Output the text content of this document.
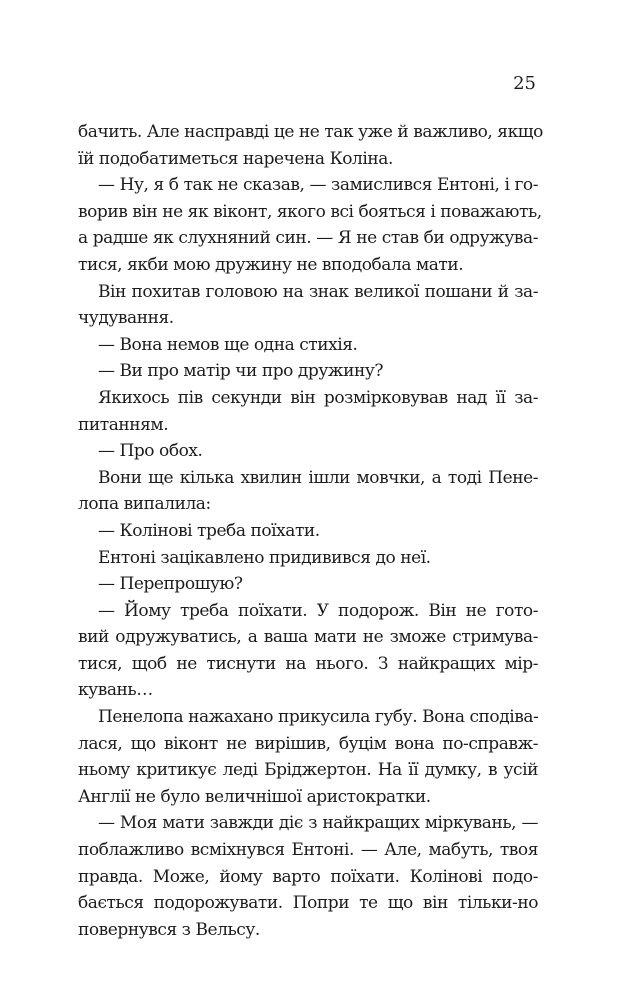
25
бачить. Але насправді це не так уже й важливо, якщо
їй подобатиметься наречена Коліна.
— Ну, я б так не сказав, — замислився Ентоні, і го-
ворив він не як віконт, якого всі бояться і поважають,
а радше як слухняний син. — Я не став би одружува-
тися, якби мою дружину не вподобала мати.
Він похитав головою на знак великої пошани й за-
чудування.
— Вона немов ще одна стихія.
— Ви про матір чи про дружину?
Якихось пів секунди він розмірковував над її за-
питанням.
— Про обох.
Вони ще кілька хвилин ішли мовчки, а тоді Пене-
лопа випалила:
— Колінові треба поїхати.
Ентоні зацікавлено придивився до неї.
— Перепрошую?
— Йому треба поїхати. У подорож. Він не гото-
вий одружуватись, а ваша мати не зможе стримува-
тися, щоб не тиснути на нього. З найкращих мір-
кувань…
Пенелопа нажахано прикусила губу. Вона сподіва-
лася, що віконт не вирішив, буцім вона по-справж-
ньому критикує леді Бріджертон. На її думку, в усій
Англії не було величнішої аристократки.
— Моя мати завжди діє з найкращих міркувань, —
поблажливо всміхнувся Ентоні. — Але, мабуть, твоя
правда. Може, йому варто поїхати. Колінові подо-
бається подорожувати. Попри те що він тільки-но
повернувся з Вельсу.
